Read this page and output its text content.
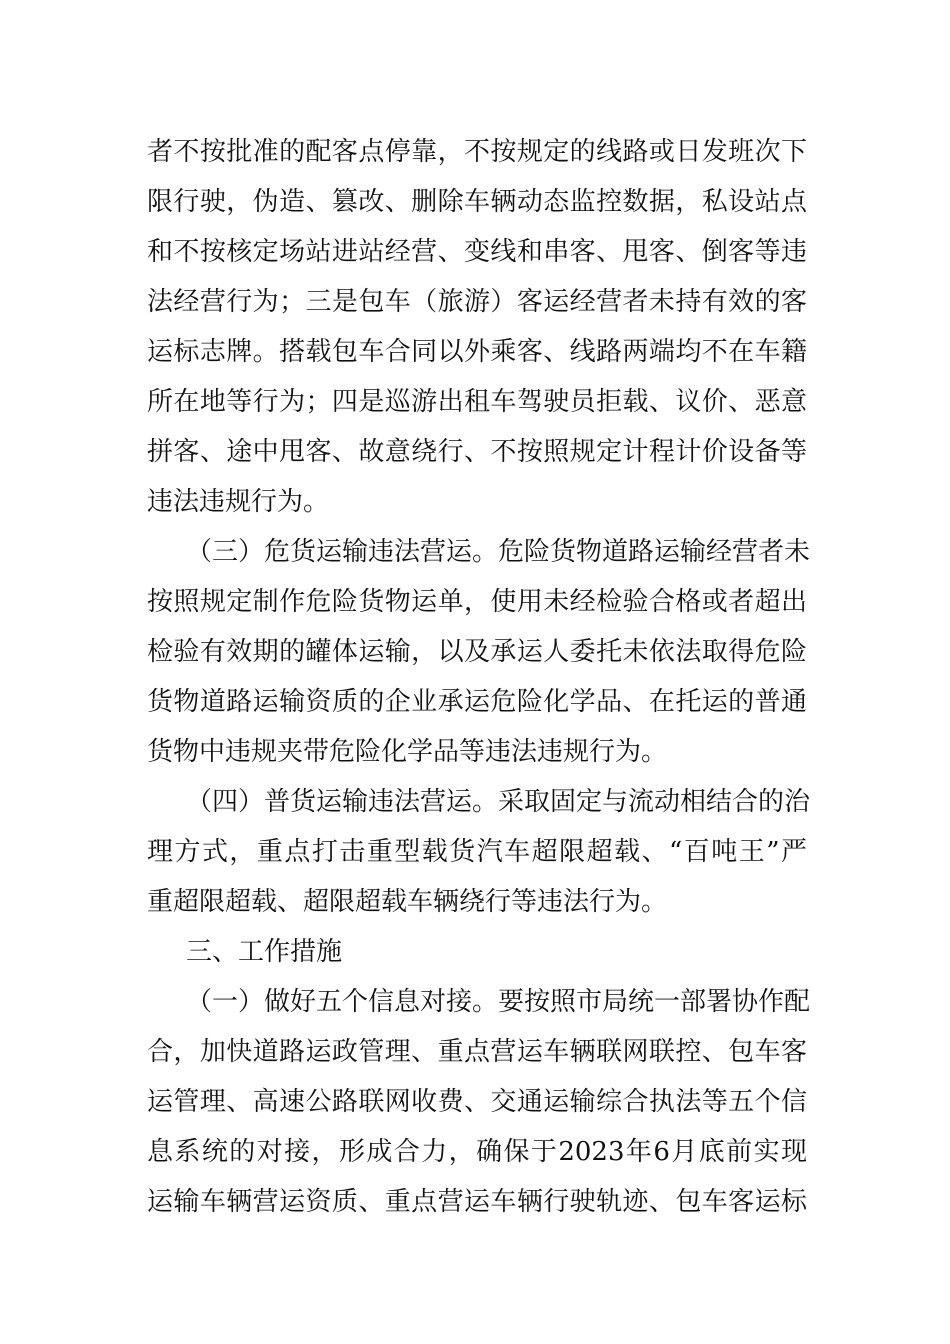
者不按批准的配客点停靠，不按规定的线路或日发班次下
限行驶，伪造、篡改、删除车辆动态监控数据，私设站点
和不按核定场站进站经营、变线和串客、甩客、倒客等违
法经营行为；三是包车（旅游）客运经营者未持有效的客
运标志牌。搭载包车合同以外乘客、线路两端均不在车籍
所在地等行为；四是巡游出租车驾驶员拒载、议价、恶意
拼客、途中甩客、故意绕行、不按照规定计程计价设备等
违法违规行为。
（三）危货运输违法营运。危险货物道路运输经营者未
按照规定制作危险货物运单，使用未经检验合格或者超出
检验有效期的罐体运输，以及承运人委托未依法取得危险
货物道路运输资质的企业承运危险化学品、在托运的普通
货物中违规夹带危险化学品等违法违规行为。
（四）普货运输违法营运。采取固定与流动相结合的治
理方式，重点打击重型载货汽车超限超载、“百吨王”严
重超限超载、超限超载车辆绕行等违法行为。
三、工作措施
（一）做好五个信息对接。要按照市局统一部署协作配
合，加快道路运政管理、重点营运车辆联网联控、包车客
运管理、高速公路联网收费、交通运输综合执法等五个信
息系统的对接，形成合力，确保于2023年6月底前实现
运输车辆营运资质、重点营运车辆行驶轨迹、包车客运标
